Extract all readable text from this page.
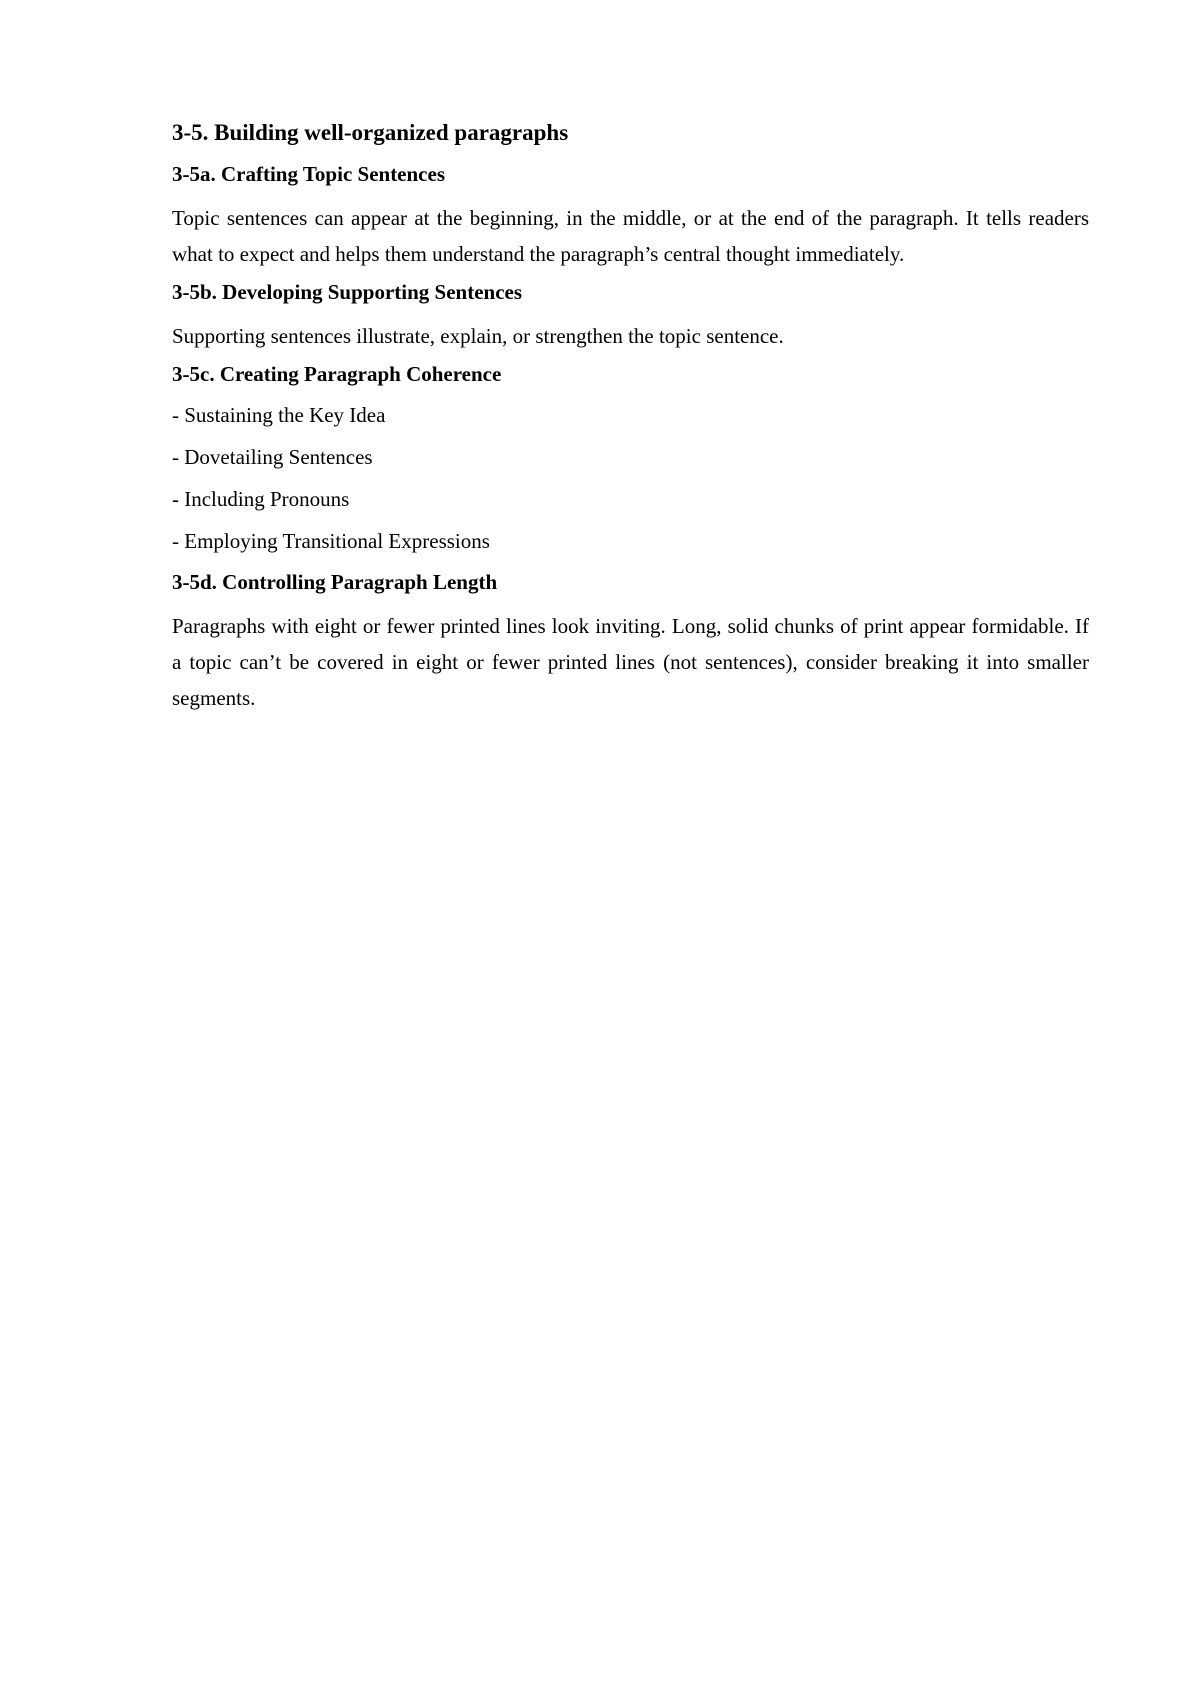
3-5. Building well-organized paragraphs
3-5a. Crafting Topic Sentences
Topic sentences can appear at the beginning, in the middle, or at the end of the paragraph. It tells readers what to expect and helps them understand the paragraph’s central thought immediately.
3-5b. Developing Supporting Sentences
Supporting sentences illustrate, explain, or strengthen the topic sentence.
3-5c. Creating Paragraph Coherence
- Sustaining the Key Idea
- Dovetailing Sentences
- Including Pronouns
- Employing Transitional Expressions
3-5d. Controlling Paragraph Length
Paragraphs with eight or fewer printed lines look inviting. Long, solid chunks of print appear formidable. If a topic can’t be covered in eight or fewer printed lines (not sentences), consider breaking it into smaller segments.
